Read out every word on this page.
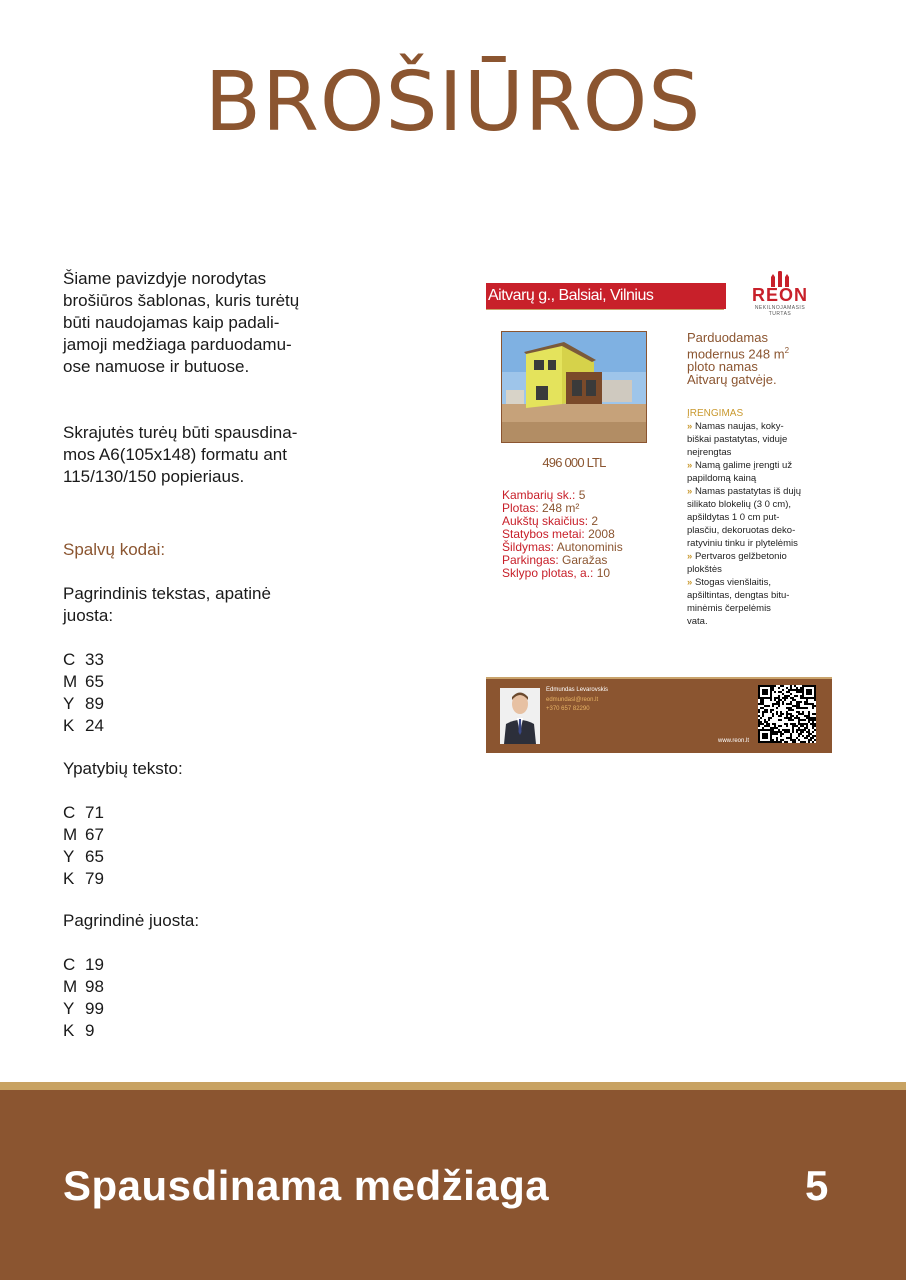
BROŠIŪROS

Šiame pavizdyje norodytas

brošiūros šablonas, kuris turėtų

būti naudojamas kaip padali-

jamoji medžiaga parduodamu-

ose namuose ir butuose.

Skrajutės turėų būti spausdina-

mos A6(105x148) formatu ant

115/130/150 popieriaus.

Spalvų kodai:

Pagrindinis tekstas, apatinė

juosta:

C 33
M 65
Y 89
K 24

Ypatybių teksto:

C 71
M 67
Y 65
K 79

Pagrindinė juosta:

C 19
M 98
Y 99
K 9
Aitvarų g., Balsiai, Vilnius	REON
NEKILNOJAMASIS
TURTAS
496 000 LTL
Parduodamas
modernus 248 $m^2$
ploto namas
Aitvarų gatvėje.
Kambarių sk.: 5
Plotas: 248 m²
Aukštų skaičius: 2
Statybos metai: 2008
Šildymas: Autonominis
Parkingas: Garažas
Sklypo plotas, a.: 10
ĮRENGIMAS
» Namas naujas, koky-
biškai pastatytas, viduje
neįrengtas
» Namą galime įrengti už
papildomą kainą
» Namas pastatytas iš dujų
silikato blokelių (3 0 cm),
apšildytas 1 0 cm put-
plasčiu, dekoruotas deko-
ratyviniu tinku ir plytelėmis
» Pertvaros gelžbetonio
plokštės
» Stogas vienšlaitis,
apšiltintas, dengtas bitu-
minėmis čerpelėmis
vata.
Edmundas Levarovskis
edmundasl@reon.lt
+370 657 82290
www.reon.lt
Spausdinama medžiaga	5
